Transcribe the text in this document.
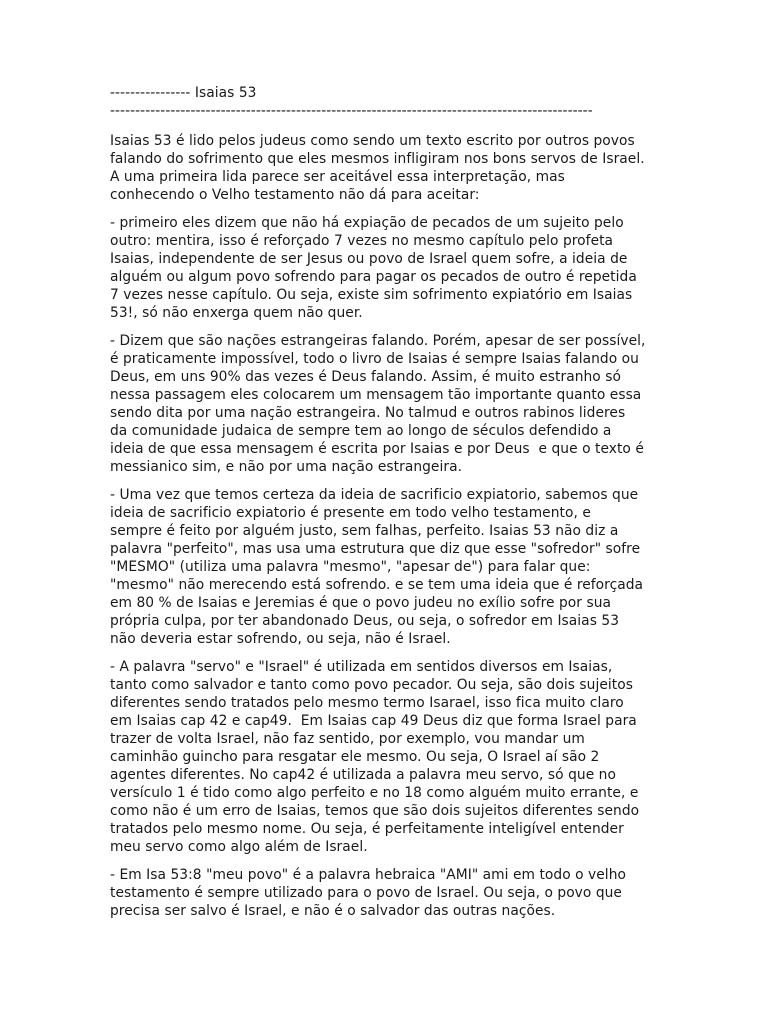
---------------- Isaias 53

------------------------------------------------------------------------------------------------

Isaias 53 é lido pelos judeus como sendo um texto escrito por outros povos

falando do sofrimento que eles mesmos infligiram nos bons servos de Israel.

A uma primeira lida parece ser aceitável essa interpretação, mas

conhecendo o Velho testamento não dá para aceitar:

- primeiro eles dizem que não há expiação de pecados de um sujeito pelo

outro: mentira, isso é reforçado 7 vezes no mesmo capítulo pelo profeta

Isaias, independente de ser Jesus ou povo de Israel quem sofre, a ideia de

alguém ou algum povo sofrendo para pagar os pecados de outro é repetida

7 vezes nesse capítulo. Ou seja, existe sim sofrimento expiatório em Isaias

53!, só não enxerga quem não quer.

- Dizem que são nações estrangeiras falando. Porém, apesar de ser possível,

é praticamente impossível, todo o livro de Isaias é sempre Isaias falando ou

Deus, em uns 90% das vezes é Deus falando. Assim, é muito estranho só

nessa passagem eles colocarem um mensagem tão importante quanto essa

sendo dita por uma nação estrangeira. No talmud e outros rabinos lideres

da comunidade judaica de sempre tem ao longo de séculos defendido a

ideia de que essa mensagem é escrita por Isaias e por Deus  e que o texto é

messianico sim, e não por uma nação estrangeira.

- Uma vez que temos certeza da ideia de sacrificio expiatorio, sabemos que

ideia de sacrificio expiatorio é presente em todo velho testamento, e

sempre é feito por alguém justo, sem falhas, perfeito. Isaias 53 não diz a

palavra "perfeito", mas usa uma estrutura que diz que esse "sofredor" sofre

"MESMO" (utiliza uma palavra "mesmo", "apesar de") para falar que:

"mesmo" não merecendo está sofrendo. e se tem uma ideia que é reforçada

em 80 % de Isaias e Jeremias é que o povo judeu no exílio sofre por sua

própria culpa, por ter abandonado Deus, ou seja, o sofredor em Isaias 53

não deveria estar sofrendo, ou seja, não é Israel.

- A palavra "servo" e "Israel" é utilizada em sentidos diversos em Isaias,

tanto como salvador e tanto como povo pecador. Ou seja, são dois sujeitos

diferentes sendo tratados pelo mesmo termo Isarael, isso fica muito claro

em Isaias cap 42 e cap49.  Em Isaias cap 49 Deus diz que forma Israel para

trazer de volta Israel, não faz sentido, por exemplo, vou mandar um

caminhão guincho para resgatar ele mesmo. Ou seja, O Israel aí são 2

agentes diferentes. No cap42 é utilizada a palavra meu servo, só que no

versículo 1 é tido como algo perfeito e no 18 como alguém muito errante, e

como não é um erro de Isaias, temos que são dois sujeitos diferentes sendo

tratados pelo mesmo nome. Ou seja, é perfeitamente inteligível entender

meu servo como algo além de Israel.

- Em Isa 53:8 "meu povo" é a palavra hebraica "AMI" ami em todo o velho

testamento é sempre utilizado para o povo de Israel. Ou seja, o povo que

precisa ser salvo é Israel, e não é o salvador das outras nações.
